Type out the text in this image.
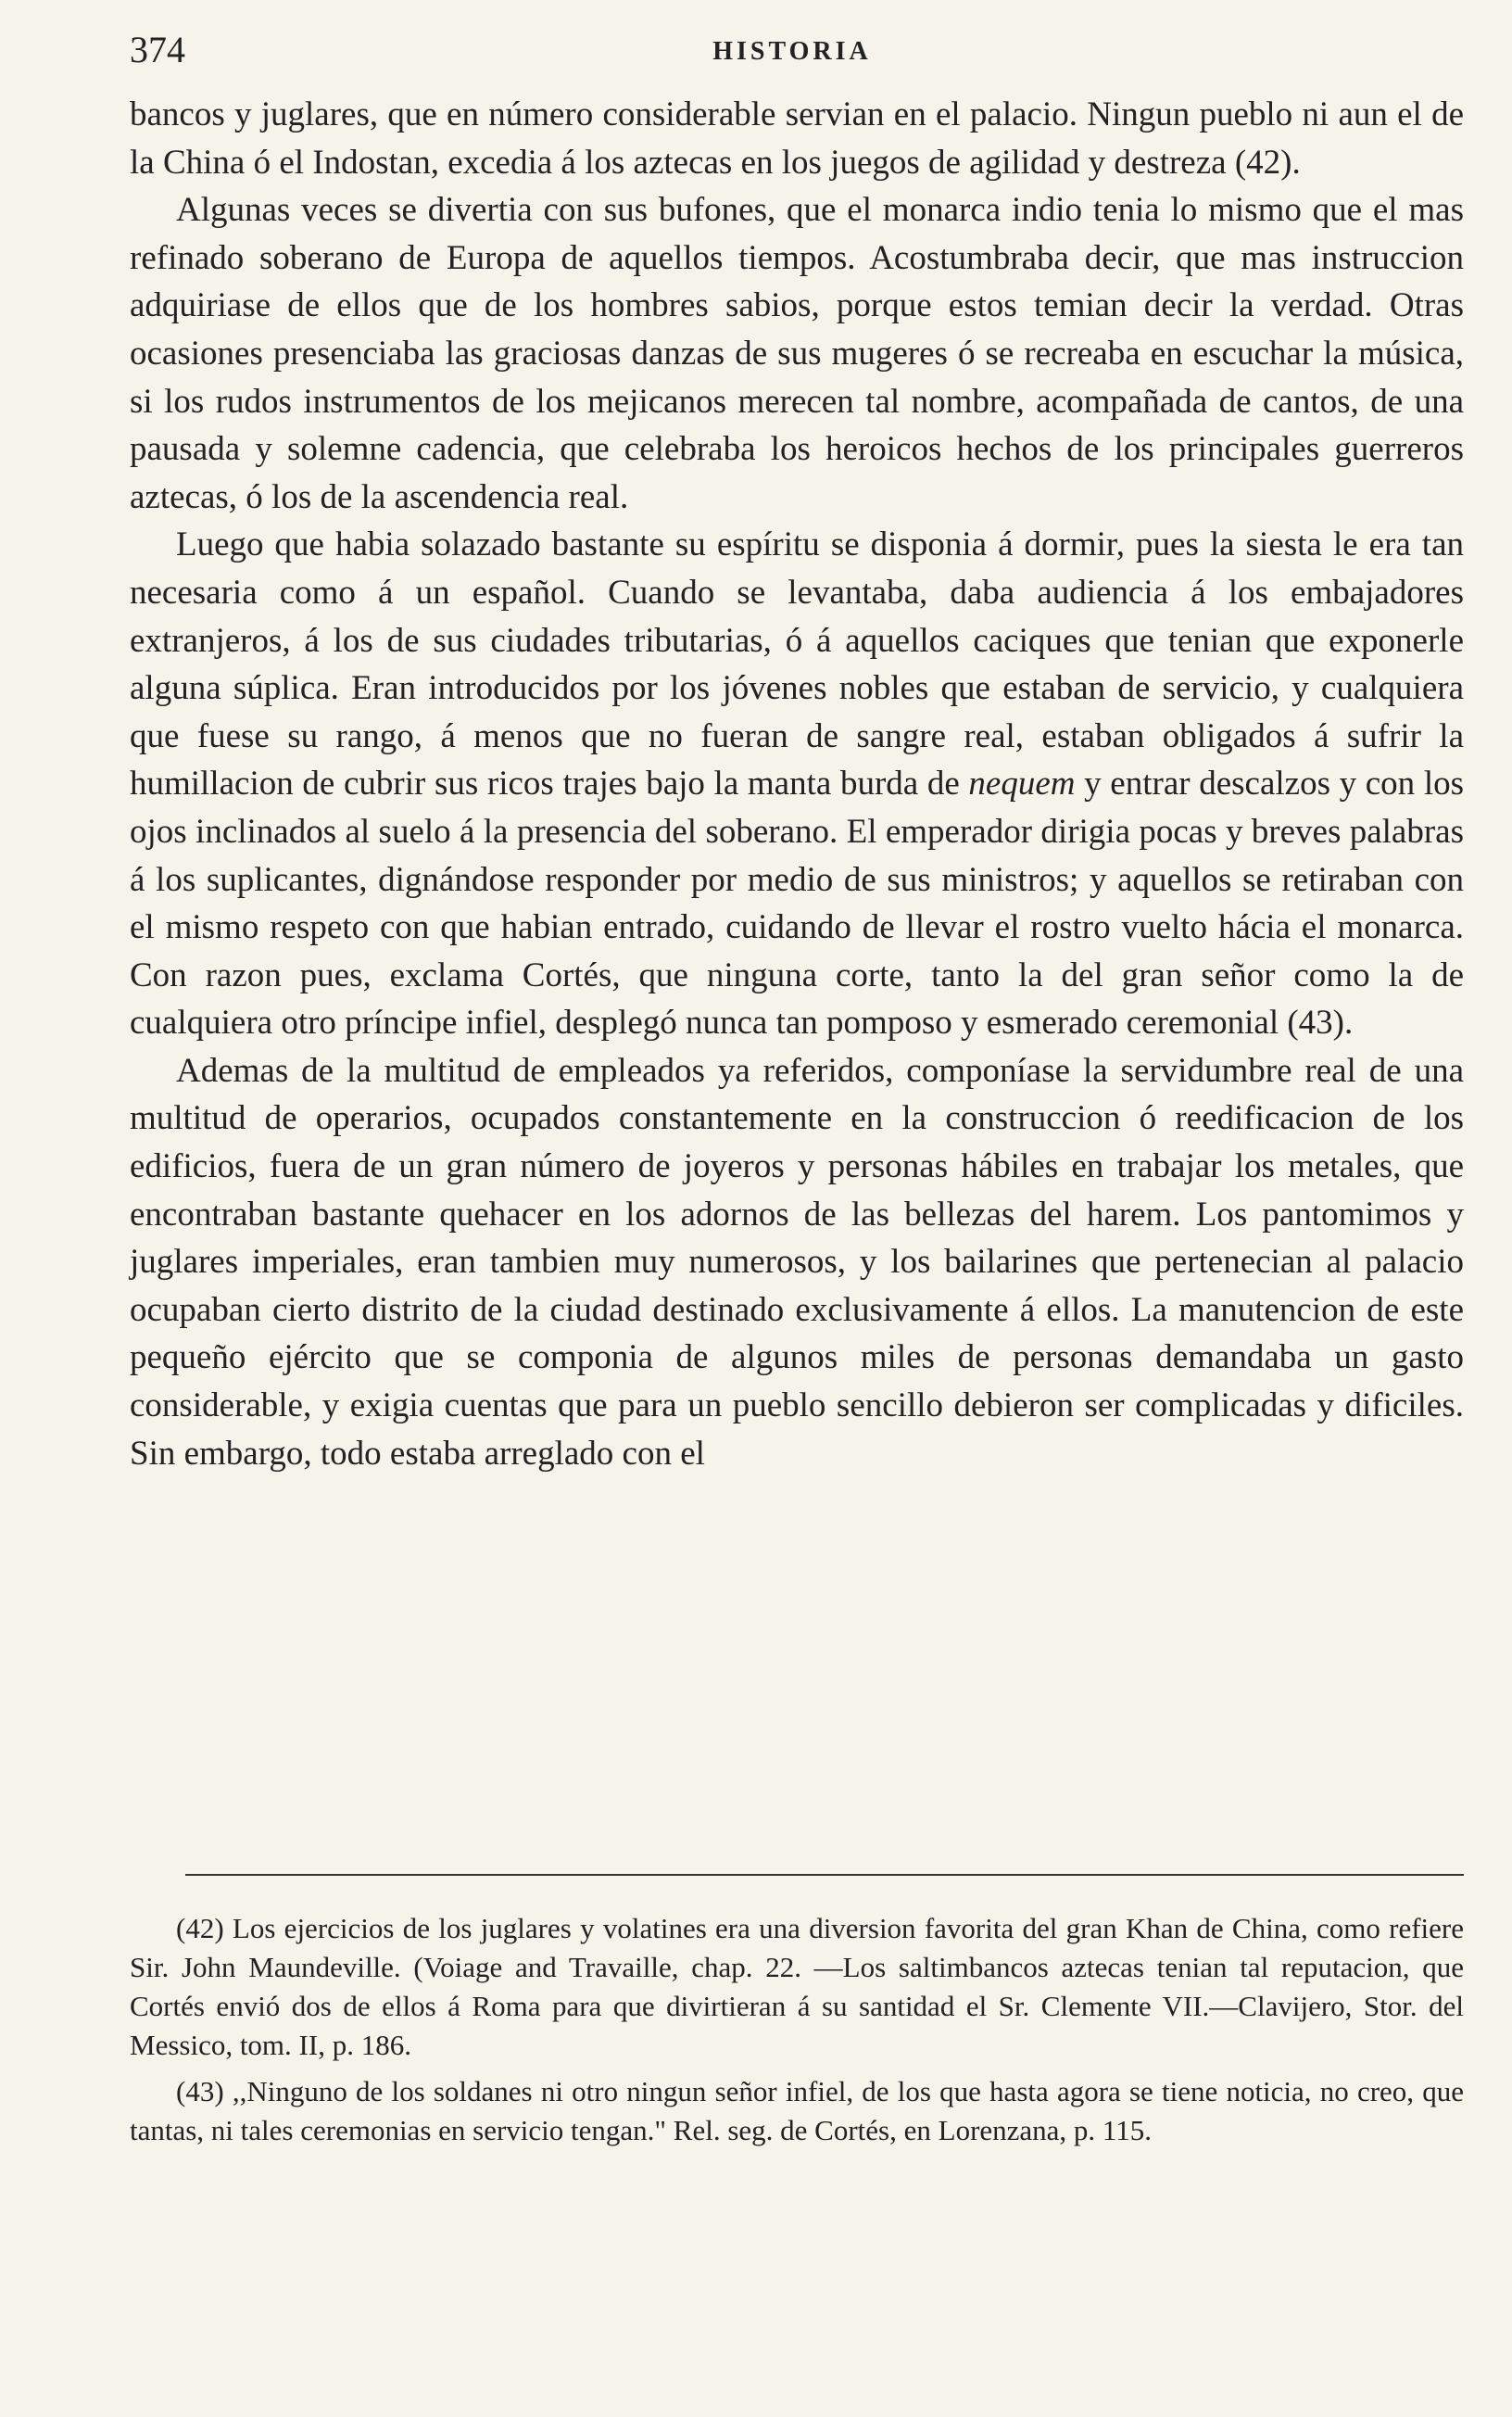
374	HISTORIA

bancos y juglares, que en número considerable servian en el palacio. Ningun pueblo ni aun el de la China ó el Indostan, excedia á los aztecas en los juegos de agilidad y destreza (42).

Algunas veces se divertia con sus bufones, que el monarca indio tenia lo mismo que el mas refinado soberano de Europa de aquellos tiempos. Acostumbraba decir, que mas instruccion adquiriase de ellos que de los hombres sabios, porque estos temian decir la verdad. Otras ocasiones presenciaba las graciosas danzas de sus mugeres ó se recreaba en escuchar la música, si los rudos instrumentos de los mejicanos merecen tal nombre, acompañada de cantos, de una pausada y solemne cadencia, que celebraba los heroicos hechos de los principales guerreros aztecas, ó los de la ascendencia real.

Luego que habia solazado bastante su espíritu se disponia á dormir, pues la siesta le era tan necesaria como á un español. Cuando se levantaba, daba audiencia á los embajadores extranjeros, á los de sus ciudades tributarias, ó á aquellos caciques que tenian que exponerle alguna súplica. Eran introducidos por los jóvenes nobles que estaban de servicio, y cualquiera que fuese su rango, á menos que no fueran de sangre real, estaban obligados á sufrir la humillacion de cubrir sus ricos trajes bajo la manta burda de nequem y entrar descalzos y con los ojos inclinados al suelo á la presencia del soberano. El emperador dirigia pocas y breves palabras á los suplicantes, dignándose responder por medio de sus ministros; y aquellos se retiraban con el mismo respeto con que habian entrado, cuidando de llevar el rostro vuelto hácia el monarca. Con razon pues, exclama Cortés, que ninguna corte, tanto la del gran señor como la de cualquiera otro príncipe infiel, desplegó nunca tan pomposo y esmerado ceremonial (43).

Ademas de la multitud de empleados ya referidos, componíase la servidumbre real de una multitud de operarios, ocupados constantemente en la construccion ó reedificacion de los edificios, fuera de un gran número de joyeros y personas hábiles en trabajar los metales, que encontraban bastante quehacer en los adornos de las bellezas del harem. Los pantomimos y juglares imperiales, eran tambien muy numerosos, y los bailarines que pertenecian al palacio ocupaban cierto distrito de la ciudad destinado exclusivamente á ellos. La manutencion de este pequeño ejército que se componia de algunos miles de personas demandaba un gasto considerable, y exigia cuentas que para un pueblo sencillo debieron ser complicadas y dificiles. Sin embargo, todo estaba arreglado con el

(42) Los ejercicios de los juglares y volatines era una diversion favorita del gran Khan de China, como refiere Sir. John Maundeville. (Voiage and Travaille, chap. 22. —Los saltimbancos aztecas tenian tal reputacion, que Cortés envió dos de ellos á Roma para que divirtieran á su santidad el Sr. Clemente VII.—Clavijero, Stor. del Messico, tom. II, p. 186.

(43) ,,Ninguno de los soldanes ni otro ningun señor infiel, de los que hasta agora se tiene noticia, no creo, que tantas, ni tales ceremonias en servicio tengan." Rel. seg. de Cortés, en Lorenzana, p. 115.
